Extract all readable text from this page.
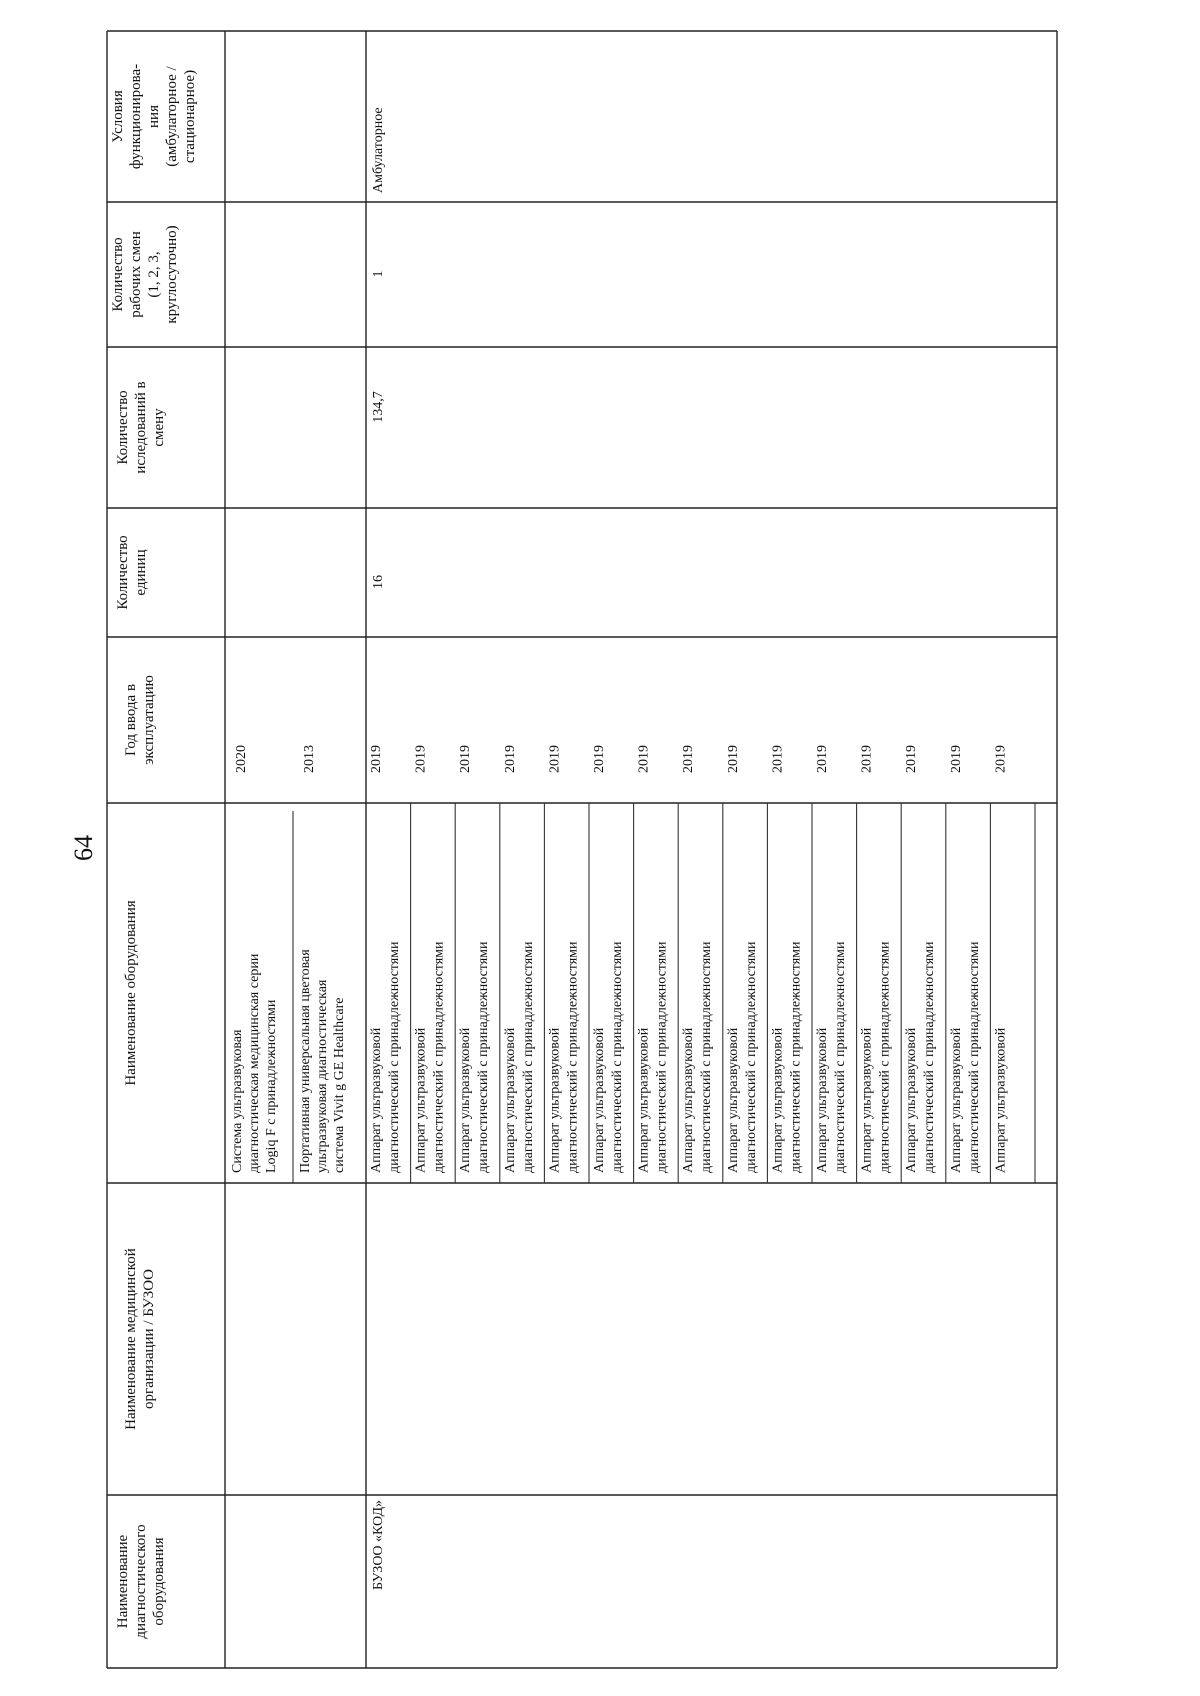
64
Наименование диагностического оборудования
Наименование медицинской организации / БУЗОО
Наименование оборудования
Год ввода в эксплуатацию
Количество единиц
Количество иследований в смену
Количество рабочих смен (1, 2, 3, круглосуточно)
Условия функционирова- ния (амбулаторное / стационарное)
Система ультразвуковая диагностическая медицинская серии Logiq F с принадлежностями
2020
Портативная универсальная цветовая ультразвуковая диагностическая система Vivit g GE Healthcare
2013
БУЗОО «КОД»
16
134,7
1
Амбулаторное
Аппарат ультразвуковой диагностический с принадлежностями
2019
Аппарат ультразвуковой диагностический с принадлежностями
2019
Аппарат ультразвуковой диагностический с принадлежностями
2019
Аппарат ультразвуковой диагностический с принадлежностями
2019
Аппарат ультразвуковой диагностический с принадлежностями
2019
Аппарат ультразвуковой диагностический с принадлежностями
2019
Аппарат ультразвуковой диагностический с принадлежностями
2019
Аппарат ультразвуковой диагностический с принадлежностями
2019
Аппарат ультразвуковой диагностический с принадлежностями
2019
Аппарат ультразвуковой диагностический с принадлежностями
2019
Аппарат ультразвуковой диагностический с принадлежностями
2019
Аппарат ультразвуковой диагностический с принадлежностями
2019
Аппарат ультразвуковой диагностический с принадлежностями
2019
Аппарат ультразвуковой диагностический с принадлежностями
2019
Аппарат ультразвуковой
2019
